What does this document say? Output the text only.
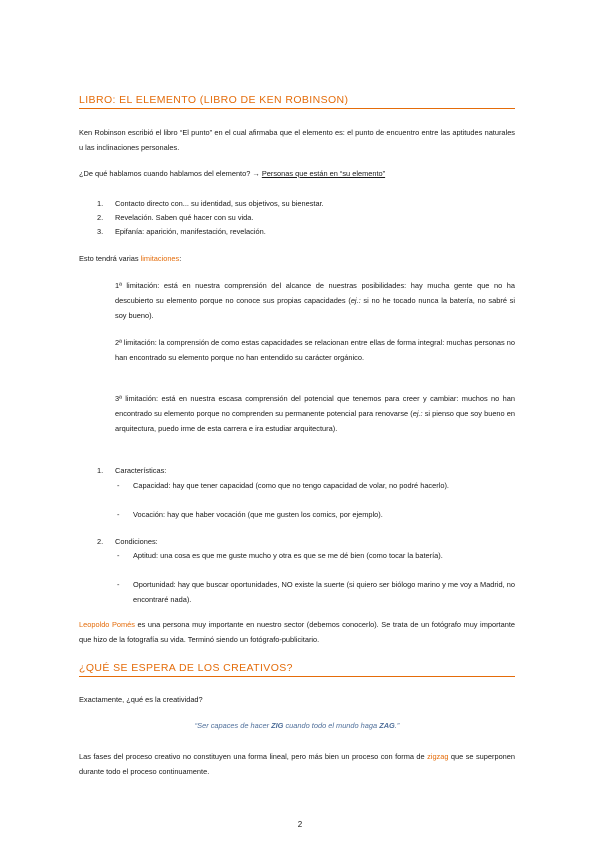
LIBRO: EL ELEMENTO (LIBRO DE KEN ROBINSON)

Ken Robinson escribió el libro “El punto” en el cual afirmaba que el elemento es: el punto de encuentro entre las aptitudes naturales u las inclinaciones personales.

¿De qué hablamos cuando hablamos del elemento? → Personas que están en “su elemento”

1. Contacto directo con... su identidad, sus objetivos, su bienestar.
2. Revelación. Saben qué hacer con su vida.
3. Epifanía: aparición, manifestación, revelación.

Esto tendrá varias limitaciones:

1ª limitación: está en nuestra comprensión del alcance de nuestras posibilidades: hay mucha gente que no ha descubierto su elemento porque no conoce sus propias capacidades (ej.: si no he tocado nunca la batería, no sabré si soy bueno).

2ª limitación: la comprensión de como estas capacidades se relacionan entre ellas de forma integral: muchas personas no han encontrado su elemento porque no han entendido su carácter orgánico.

3ª limitación: está en nuestra escasa comprensión del potencial que tenemos para creer y cambiar: muchos no han encontrado su elemento porque no comprenden su permanente potencial para renovarse (ej.: si pienso que soy bueno en arquitectura, puedo irme de esta carrera e ira estudiar arquitectura).

1. Características:
- Capacidad: hay que tener capacidad (como que no tengo capacidad de volar, no podré hacerlo).

- Vocación: hay que haber vocación (que me gusten los comics, por ejemplo).

2. Condiciones:
- Aptitud: una cosa es que me guste mucho y otra es que se me dé bien (como tocar la batería).

- Oportunidad: hay que buscar oportunidades, NO existe la suerte (si quiero ser biólogo marino y me voy a Madrid, no encontraré nada).

Leopoldo Pomés es una persona muy importante en nuestro sector (debemos conocerlo). Se trata de un fotógrafo muy importante que hizo de la fotografía su vida. Terminó siendo un fotógrafo-publicitario.

¿QUÉ SE ESPERA DE LOS CREATIVOS?

Exactamente, ¿qué es la creatividad?

“Ser capaces de hacer ZIG cuando todo el mundo haga ZAG.”

Las fases del proceso creativo no constituyen una forma lineal, pero más bien un proceso con forma de zigzag que se superponen durante todo el proceso continuamente.

2
